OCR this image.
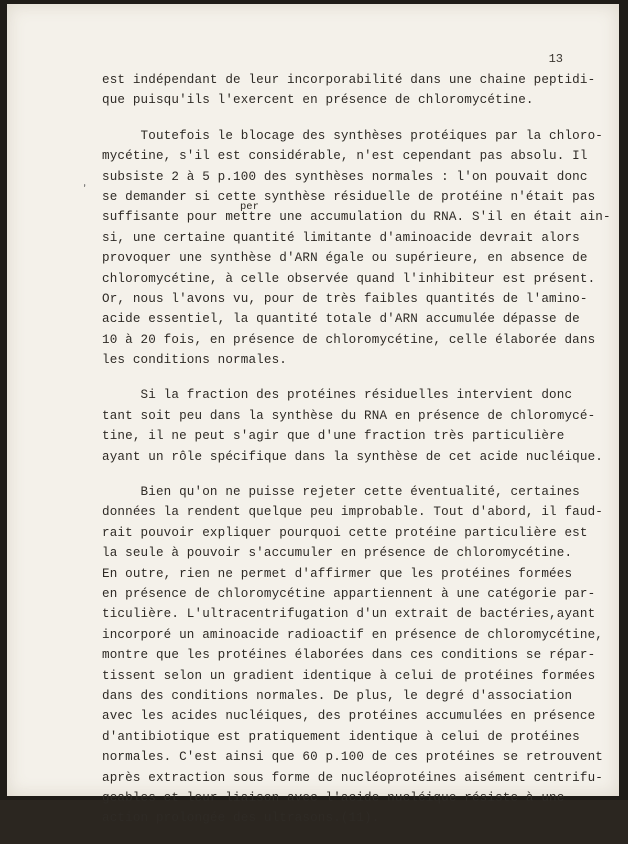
13
ʼ
per
est indépendant de leur incorporabilité dans une chaine peptidi-
que puisqu'ils l'exercent en présence de chloromycétine.
Toutefois le blocage des synthèses protéiques par la chloro-
mycétine, s'il est considérable, n'est cependant pas absolu. Il
subsiste 2 à 5 p.100 des synthèses normales : l'on pouvait donc
se demander si cette synthèse résiduelle de protéine n'était pas
suffisante pour mettre une accumulation du RNA. S'il en était ain-
si, une certaine quantité limitante d'aminoacide devrait alors
provoquer une synthèse d'ARN égale ou supérieure, en absence de
chloromycétine, à celle observée quand l'inhibiteur est présent.
Or, nous l'avons vu, pour de très faibles quantités de l'amino-
acide essentiel, la quantité totale d'ARN accumulée dépasse de
10 à 20 fois, en présence de chloromycétine, celle élaborée dans
les conditions normales.
Si la fraction des protéines résiduelles intervient donc
tant soit peu dans la synthèse du RNA en présence de chloromycé-
tine, il ne peut s'agir que d'une fraction très particulière
ayant un rôle spécifique dans la synthèse de cet acide nucléique.
Bien qu'on ne puisse rejeter cette éventualité, certaines
données la rendent quelque peu improbable. Tout d'abord, il faud-
rait pouvoir expliquer pourquoi cette protéine particulière est
la seule à pouvoir s'accumuler en présence de chloromycétine.
En outre, rien ne permet d'affirmer que les protéines formées
en présence de chloromycétine appartiennent à une catégorie par-
ticulière. L'ultracentrifugation d'un extrait de bactéries,ayant
incorporé un aminoacide radioactif en présence de chloromycétine,
montre que les protéines élaborées dans ces conditions se répar-
tissent selon un gradient identique à celui de protéines formées
dans des conditions normales. De plus, le degré d'association
avec les acides nucléiques, des protéines accumulées en présence
d'antibiotique est pratiquement identique à celui de protéines
normales. C'est ainsi que 60 p.100 de ces protéines se retrouvent
après extraction sous forme de nucléoprotéines aisément centrifu-
geables et leur liaison avec l'acide nucléique résiste à une
action prolongée des ultrasons.(11).
